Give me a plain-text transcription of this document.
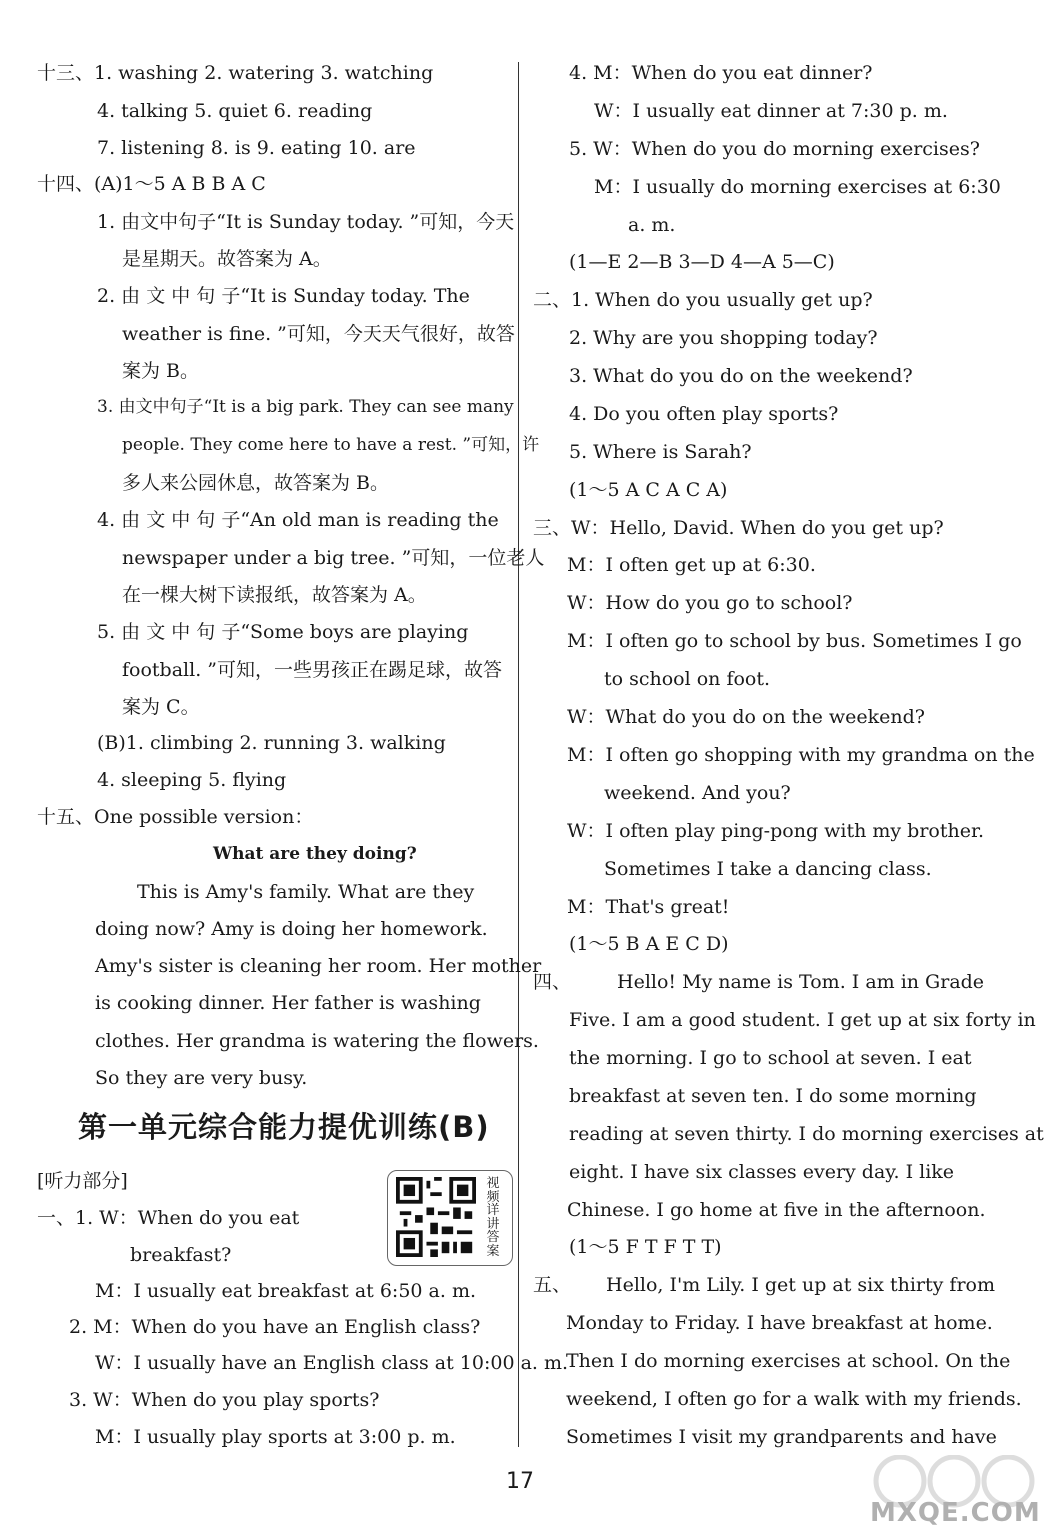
十三、1. washing 2. watering 3. watching
4. talking 5. quiet 6. reading
7. listening 8. is 9. eating 10. are
十四、(A)1～5 A B B A C
1. 由文中句子“It is Sunday today. ”可知，今天
是星期天。故答案为 A。
2. 由 文 中 句 子“It is Sunday today. The
weather is fine. ”可知，今天天气很好，故答
案为 B。
3. 由文中句子“It is a big park. They can see many
people. They come here to have a rest. ”可知，许
多人来公园休息，故答案为 B。
4. 由 文 中 句 子“An old man is reading the
newspaper under a big tree. ”可知，一位老人
在一棵大树下读报纸，故答案为 A。
5. 由 文 中 句 子“Some boys are playing
football. ”可知，一些男孩正在踢足球，故答
案为 C。
(B)1. climbing 2. running 3. walking
4. sleeping 5. flying
十五、One possible version：
What are they doing?
This is Amy's family. What are they
doing now? Amy is doing her homework.
Amy's sister is cleaning her room. Her mother
is cooking dinner. Her father is washing
clothes. Her grandma is watering the flowers.
So they are very busy.
第一单元综合能力提优训练(B)
[听力部分]
一、1. W：When do you eat
breakfast?
M：I usually eat breakfast at 6:50 a. m.
2. M：When do you have an English class?
W：I usually have an English class at 10:00 a. m.
3. W：When do you play sports?
M：I usually play sports at 3:00 p. m.
视频详讲答案
4. M：When do you eat dinner?
W：I usually eat dinner at 7:30 p. m.
5. W：When do you do morning exercises?
M：I usually do morning exercises at 6:30
a. m.
(1—E 2—B 3—D 4—A 5—C)
二、1. When do you usually get up?
2. Why are you shopping today?
3. What do you do on the weekend?
4. Do you often play sports?
5. Where is Sarah?
(1～5 A C A C A)
三、W：Hello, David. When do you get up?
M：I often get up at 6:30.
W：How do you go to school?
M：I often go to school by bus. Sometimes I go
to school on foot.
W：What do you do on the weekend?
M：I often go shopping with my grandma on the
weekend. And you?
W：I often play ping-pong with my brother.
Sometimes I take a dancing class.
M：That's great!
(1～5 B A E C D)
四、 Hello! My name is Tom. I am in Grade
Five. I am a good student. I get up at six forty in
the morning. I go to school at seven. I eat
breakfast at seven ten. I do some morning
reading at seven thirty. I do morning exercises at
eight. I have six classes every day. I like
Chinese. I go home at five in the afternoon.
(1～5 F T F T T)
五、 Hello, I'm Lily. I get up at six thirty from
Monday to Friday. I have breakfast at home.
Then I do morning exercises at school. On the
weekend, I often go for a walk with my friends.
Sometimes I visit my grandparents and have
17
MXQE.COM
